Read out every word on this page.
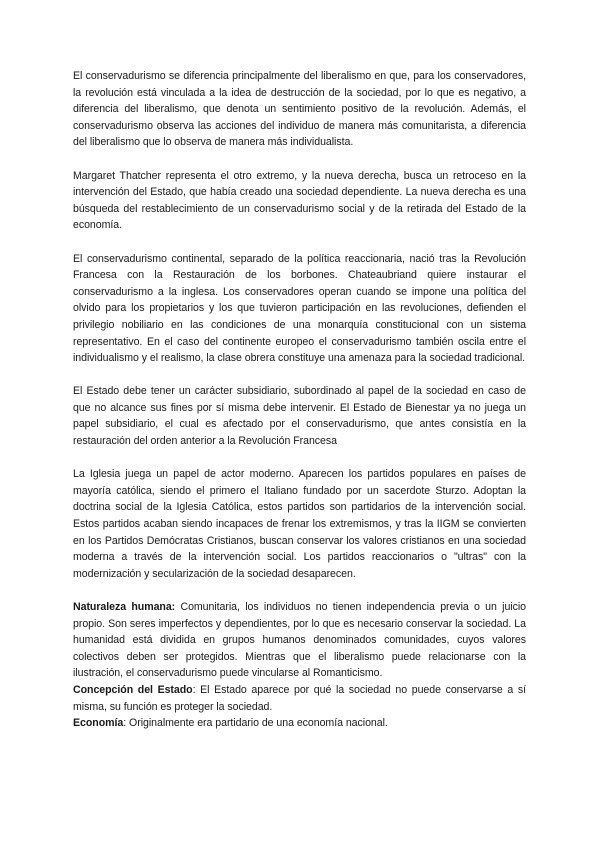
El conservadurismo se diferencia principalmente del liberalismo en que, para los conservadores, la revolución está vinculada a la idea de destrucción de la sociedad, por lo que es negativo, a diferencia del liberalismo, que denota un sentimiento positivo de la revolución. Además, el conservadurismo observa las acciones del individuo de manera más comunitarista, a diferencia del liberalismo que lo observa de manera más individualista.

Margaret Thatcher representa el otro extremo, y la nueva derecha, busca un retroceso en la intervención del Estado, que había creado una sociedad dependiente. La nueva derecha es una búsqueda del restablecimiento de un conservadurismo social y de la retirada del Estado de la economía.

El conservadurismo continental, separado de la política reaccionaria, nació tras la Revolución Francesa con la Restauración de los borbones. Chateaubriand quiere instaurar el conservadurismo a la inglesa. Los conservadores operan cuando se impone una política del olvido para los propietarios y los que tuvieron participación en las revoluciones, defienden el privilegio nobiliario en las condiciones de una monarquía constitucional con un sistema representativo. En el caso del continente europeo el conservadurismo también oscila entre el individualismo y el realismo, la clase obrera constituye una amenaza para la sociedad tradicional.

El Estado debe tener un carácter subsidiario, subordinado al papel de la sociedad en caso de que no alcance sus fines por sí misma debe intervenir. El Estado de Bienestar ya no juega un papel subsidiario, el cual es afectado por el conservadurismo, que antes consistía en la restauración del orden anterior a la Revolución Francesa

La Iglesia juega un papel de actor moderno. Aparecen los partidos populares en países de mayoría católica, siendo el primero el Italiano fundado por un sacerdote Sturzo. Adoptan la doctrina social de la Iglesia Católica, estos partidos son partidarios de la intervención social. Estos partidos acaban siendo incapaces de frenar los extremismos, y tras la IIGM se convierten en los Partidos Demócratas Cristianos, buscan conservar los valores cristianos en una sociedad moderna a través de la intervención social. Los partidos reaccionarios o "ultras" con la modernización y secularización de la sociedad desaparecen.

Naturaleza humana: Comunitaria, los individuos no tienen independencia previa o un juicio propio. Son seres imperfectos y dependientes, por lo que es necesario conservar la sociedad. La humanidad está dividida en grupos humanos denominados comunidades, cuyos valores colectivos deben ser protegidos. Mientras que el liberalismo puede relacionarse con la ilustración, el conservadurismo puede vincularse al Romanticismo.

Concepción del Estado: El Estado aparece por qué la sociedad no puede conservarse a sí misma, su función es proteger la sociedad.

Economía: Originalmente era partidario de una economía nacional.
